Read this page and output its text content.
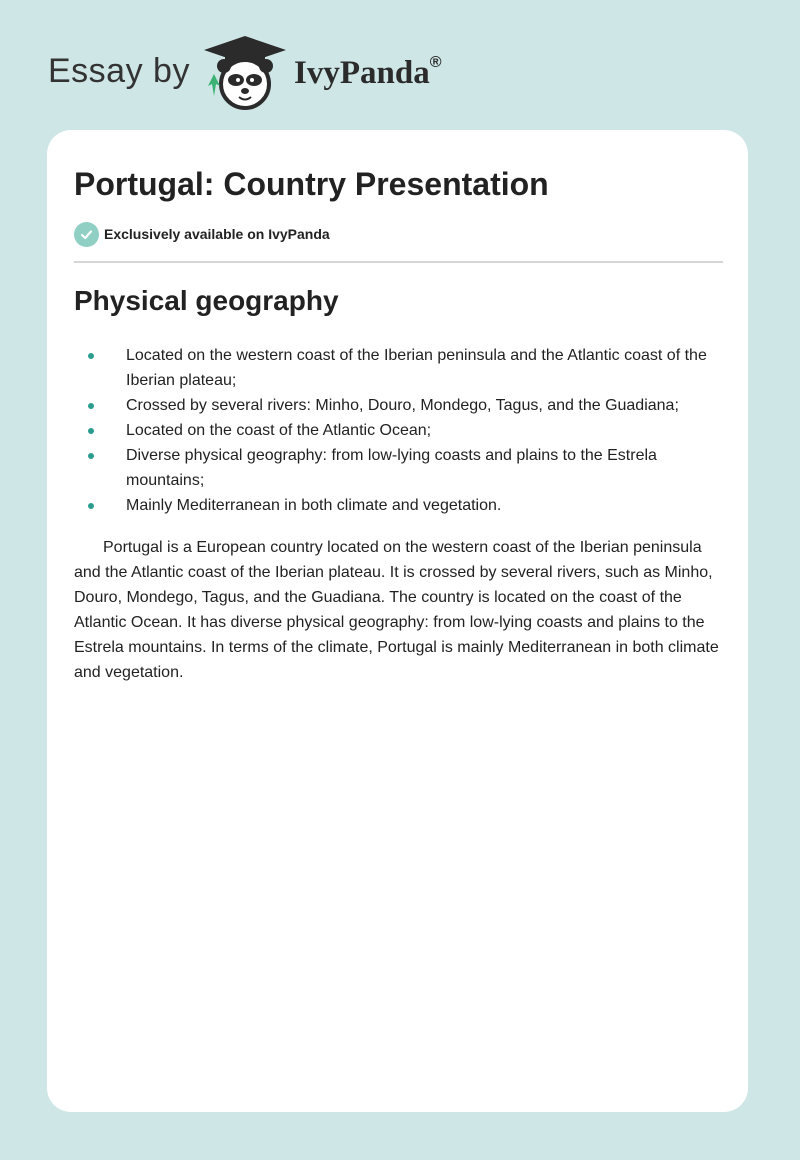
Essay by	IvyPanda®
Portugal: Country Presentation
Exclusively available on IvyPanda
Physical geography
Located on the western coast of the Iberian peninsula and the Atlantic coast of the Iberian plateau;
Crossed by several rivers: Minho, Douro, Mondego, Tagus, and the Guadiana;
Located on the coast of the Atlantic Ocean;
Diverse physical geography: from low-lying coasts and plains to the Estrela mountains;
Mainly Mediterranean in both climate and vegetation.

Portugal is a European country located on the western coast of the Iberian peninsula and the Atlantic coast of the Iberian plateau. It is crossed by several rivers, such as Minho, Douro, Mondego, Tagus, and the Guadiana. The country is located on the coast of the Atlantic Ocean. It has diverse physical geography: from low-lying coasts and plains to the Estrela mountains. In terms of the climate, Portugal is mainly Mediterranean in both climate and vegetation.
